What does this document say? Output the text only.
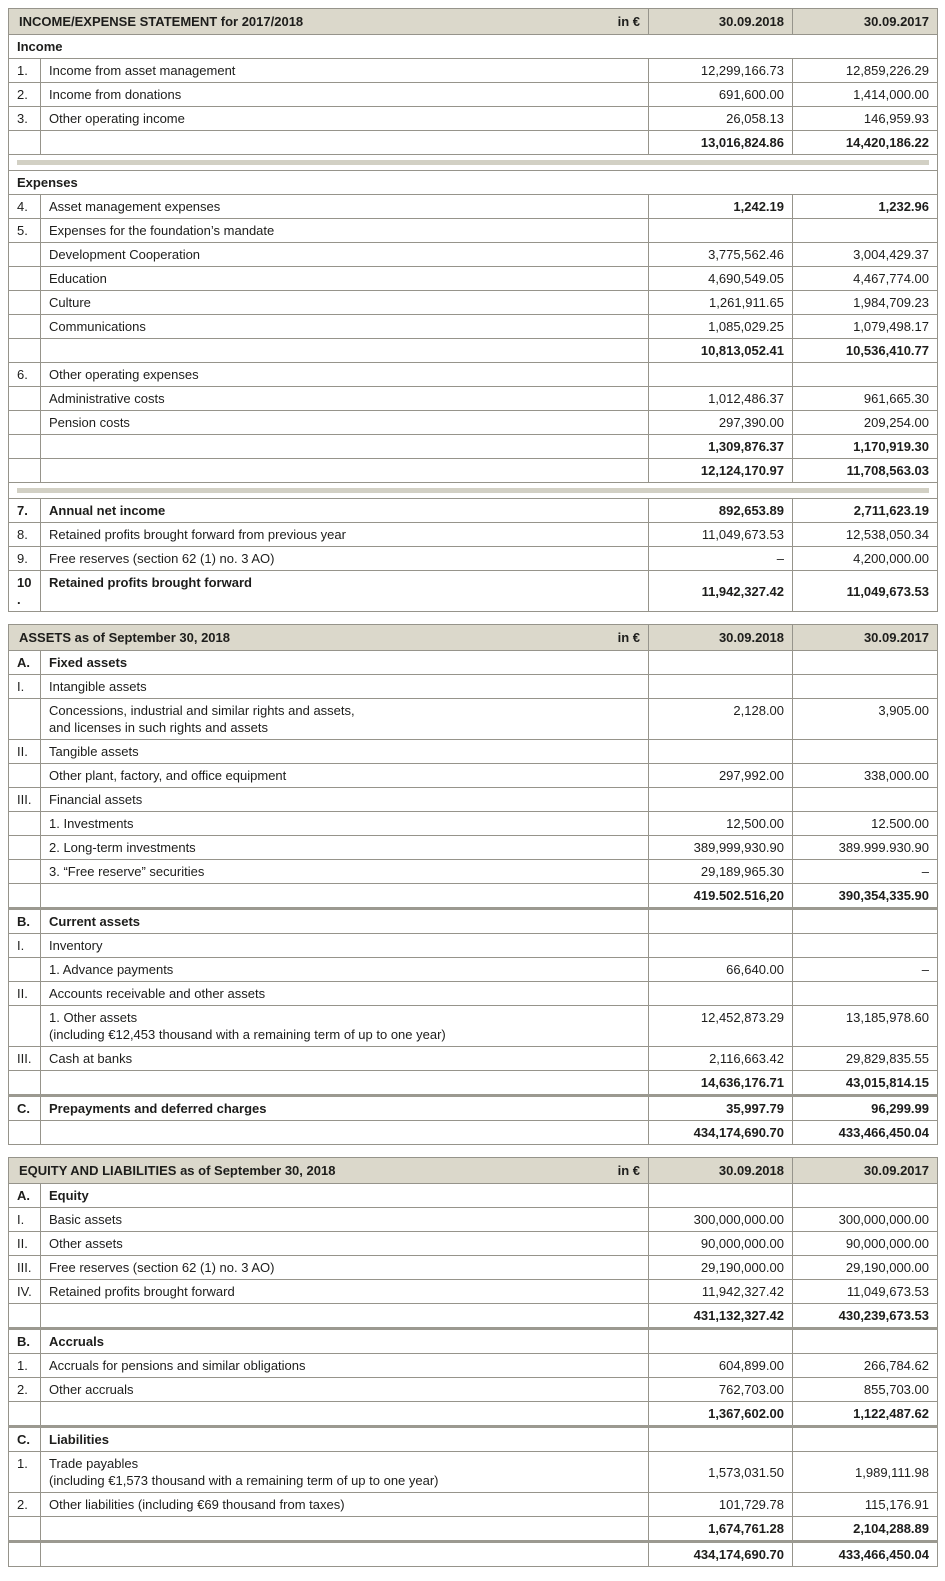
in €
INCOME/EXPENSE STATEMENT for 2017/2018		30.09.2018	30.09.2017
Income			
1.	Income from asset management	12,299,166.73	12,859,226.29
2.	Income from donations	691,600.00	1,414,000.00
3.	Other operating income	26,058.13	146,959.93
		13,016,824.86	14,420,186.22

Expenses			
4.	Asset management expenses	1,242.19	1,232.96
5.	Expenses for the foundation’s mandate		
	Development Cooperation	3,775,562.46	3,004,429.37
	Education	4,690,549.05	4,467,774.00
	Culture	1,261,911.65	1,984,709.23
	Communications	1,085,029.25	1,079,498.17
		10,813,052.41	10,536,410.77
6.	Other operating expenses		
	Administrative costs	1,012,486.37	961,665.30
	Pension costs	297,390.00	209,254.00
		1,309,876.37	1,170,919.30
		12,124,170.97	11,708,563.03

7.	Annual net income	892,653.89	2,711,623.19
8.	Retained profits brought forward from previous year	11,049,673.53	12,538,050.34
9.	Free reserves (section 62 (1) no. 3 AO)	–	4,200,000.00
10.	Retained profits brought forward	11,942,327.42	11,049,673.53
in €
ASSETS as of September 30, 2018		30.09.2018	30.09.2017
A.	Fixed assets		
I.	Intangible assets		
	Concessions, industrial and similar rights and assets,
and licenses in such rights and assets	2,128.00	3,905.00
II.	Tangible assets		
	Other plant, factory, and office equipment	297,992.00	338,000.00
III.	Financial assets		
	1. Investments	12,500.00	12.500.00
	2. Long-term investments	389,999,930.90	389.999.930.90
	3. “Free reserve” securities	29,189,965.30	–
		419.502.516,20	390,354,335.90
B.	Current assets		
I.	Inventory		
	1. Advance payments	66,640.00	–
II.	Accounts receivable and other assets		
	1. Other assets
(including €12,453 thousand with a remaining term of up to one year)	12,452,873.29	13,185,978.60
III.	Cash at banks	2,116,663.42	29,829,835.55
		14,636,176.71	43,015,814.15
C.	Prepayments and deferred charges	35,997.79	96,299.99
		434,174,690.70	433,466,450.04
in €
EQUITY AND LIABILITIES as of September 30, 2018		30.09.2018	30.09.2017
A.	Equity		
I.	Basic assets	300,000,000.00	300,000,000.00
II.	Other assets	90,000,000.00	90,000,000.00
III.	Free reserves (section 62 (1) no. 3 AO)	29,190,000.00	29,190,000.00
IV.	Retained profits brought forward	11,942,327.42	11,049,673.53
		431,132,327.42	430,239,673.53
B.	Accruals		
1.	Accruals for pensions and similar obligations	604,899.00	266,784.62
2.	Other accruals	762,703.00	855,703.00
		1,367,602.00	1,122,487.62
C.	Liabilities		
1.	Trade payables
(including €1,573 thousand with a remaining term of up to one year)	1,573,031.50	1,989,111.98
2.	Other liabilities (including €69 thousand from taxes)	101,729.78	115,176.91
		1,674,761.28	2,104,288.89
		434,174,690.70	433,466,450.04
